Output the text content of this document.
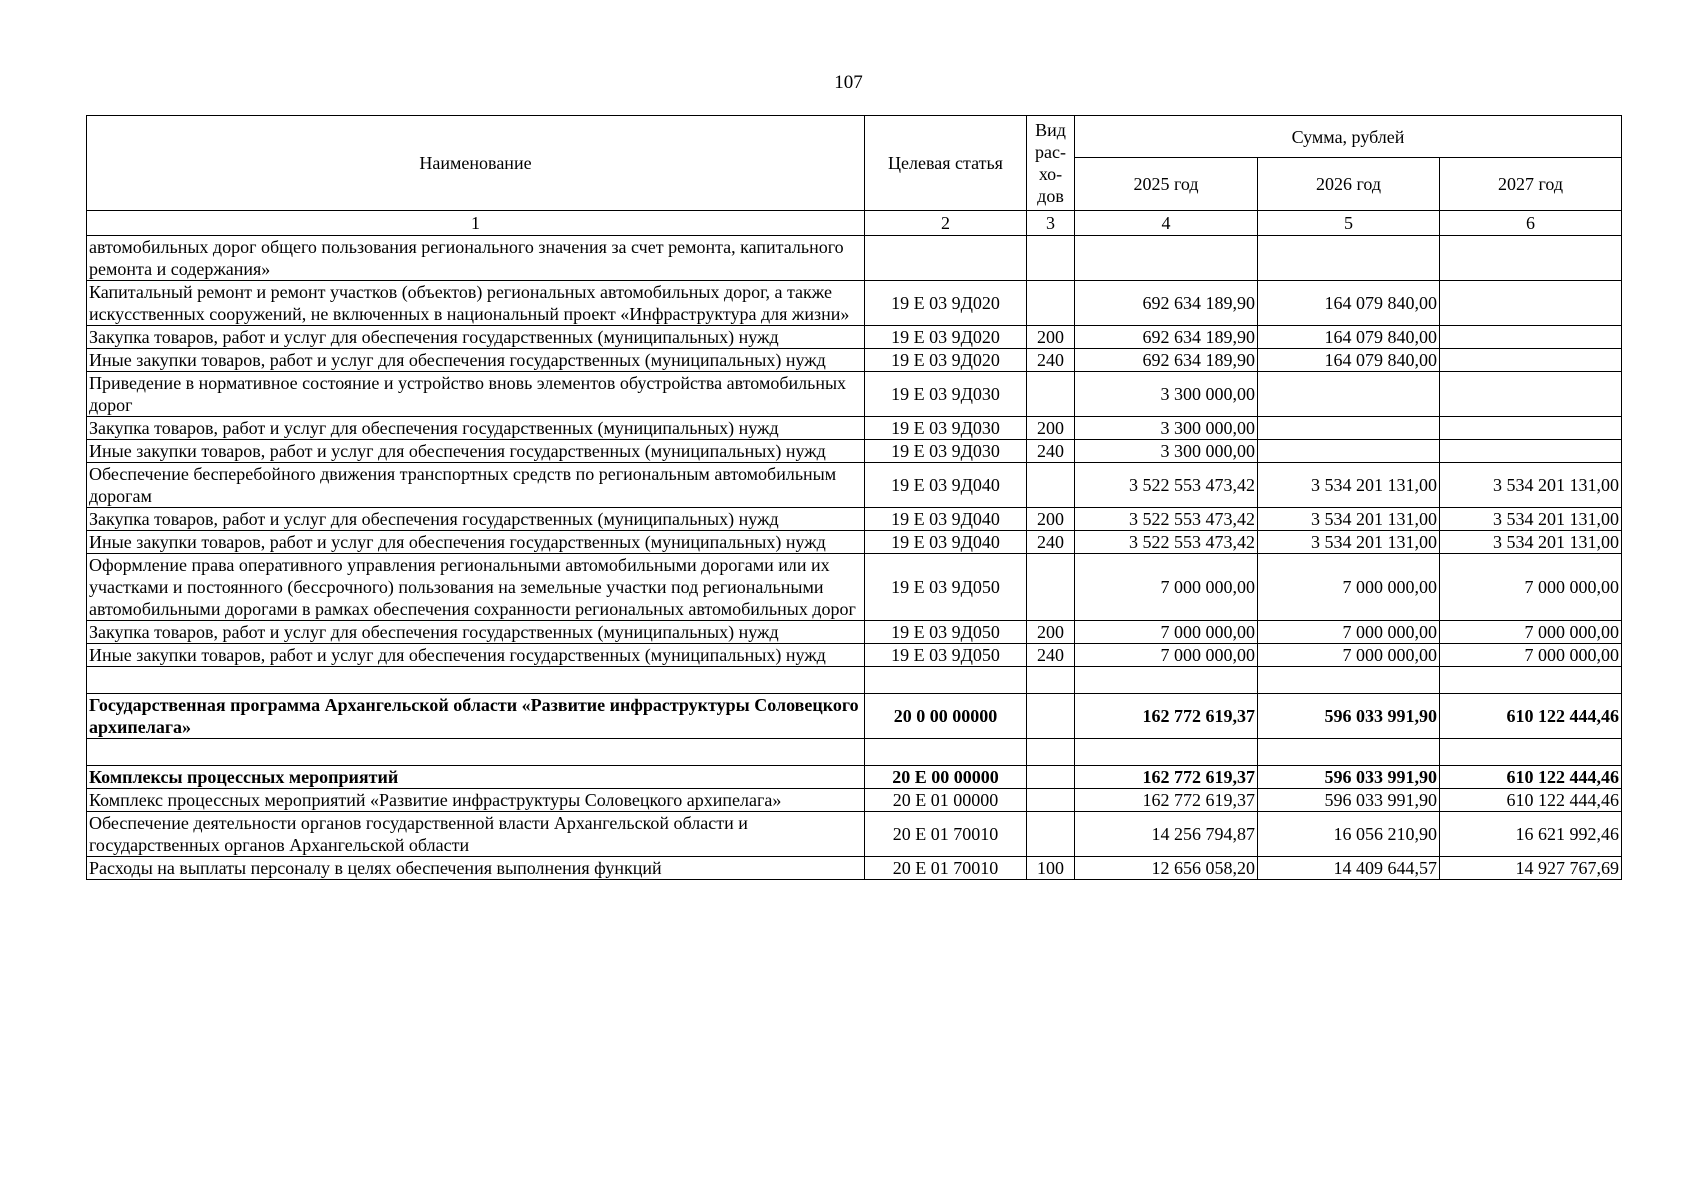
107
Наименование	Целевая статья	Вид
рас-
хо-
дов	Сумма, рублей		
			2025 год	2026 год	2027 год
1	2	3	4	5	6
автомобильных дорог общего пользования регионального значения за счет ремонта, капитального ремонта и содержания»					
Капитальный ремонт и ремонт участков (объектов) региональных автомобильных дорог, а также искусственных сооружений, не включенных в национальный проект «Инфраструктура для жизни»	19 Е 03 9Д020		692 634 189,90	164 079 840,00	
Закупка товаров, работ и услуг для обеспечения государственных (муниципальных) нужд	19 Е 03 9Д020	200	692 634 189,90	164 079 840,00	
Иные закупки товаров, работ и услуг для обеспечения государственных (муниципальных) нужд	19 Е 03 9Д020	240	692 634 189,90	164 079 840,00	
Приведение в нормативное состояние и устройство вновь элементов обустройства автомобильных дорог	19 Е 03 9Д030		3 300 000,00		
Закупка товаров, работ и услуг для обеспечения государственных (муниципальных) нужд	19 Е 03 9Д030	200	3 300 000,00		
Иные закупки товаров, работ и услуг для обеспечения государственных (муниципальных) нужд	19 Е 03 9Д030	240	3 300 000,00		
Обеспечение бесперебойного движения транспортных средств по региональным автомобильным дорогам	19 Е 03 9Д040		3 522 553 473,42	3 534 201 131,00	3 534 201 131,00
Закупка товаров, работ и услуг для обеспечения государственных (муниципальных) нужд	19 Е 03 9Д040	200	3 522 553 473,42	3 534 201 131,00	3 534 201 131,00
Иные закупки товаров, работ и услуг для обеспечения государственных (муниципальных) нужд	19 Е 03 9Д040	240	3 522 553 473,42	3 534 201 131,00	3 534 201 131,00
Оформление права оперативного управления региональными автомобильными дорогами или их участками и постоянного (бессрочного) пользования на земельные участки под региональными автомобильными дорогами в рамках обеспечения сохранности региональных автомобильных дорог	19 Е 03 9Д050		7 000 000,00	7 000 000,00	7 000 000,00
Закупка товаров, работ и услуг для обеспечения государственных (муниципальных) нужд	19 Е 03 9Д050	200	7 000 000,00	7 000 000,00	7 000 000,00
Иные закупки товаров, работ и услуг для обеспечения государственных (муниципальных) нужд	19 Е 03 9Д050	240	7 000 000,00	7 000 000,00	7 000 000,00

Государственная программа Архангельской области «Развитие инфраструктуры Соловецкого архипелага»	20 0 00 00000		162 772 619,37	596 033 991,90	610 122 444,46

Комплексы процессных мероприятий	20 Е 00 00000		162 772 619,37	596 033 991,90	610 122 444,46
Комплекс процессных мероприятий «Развитие инфраструктуры Соловецкого архипелага»	20 Е 01 00000		162 772 619,37	596 033 991,90	610 122 444,46
Обеспечение деятельности органов государственной власти Архангельской области и государственных органов Архангельской области	20 Е 01 70010		14 256 794,87	16 056 210,90	16 621 992,46
Расходы на выплаты персоналу в целях обеспечения выполнения функций	20 Е 01 70010	100	12 656 058,20	14 409 644,57	14 927 767,69
